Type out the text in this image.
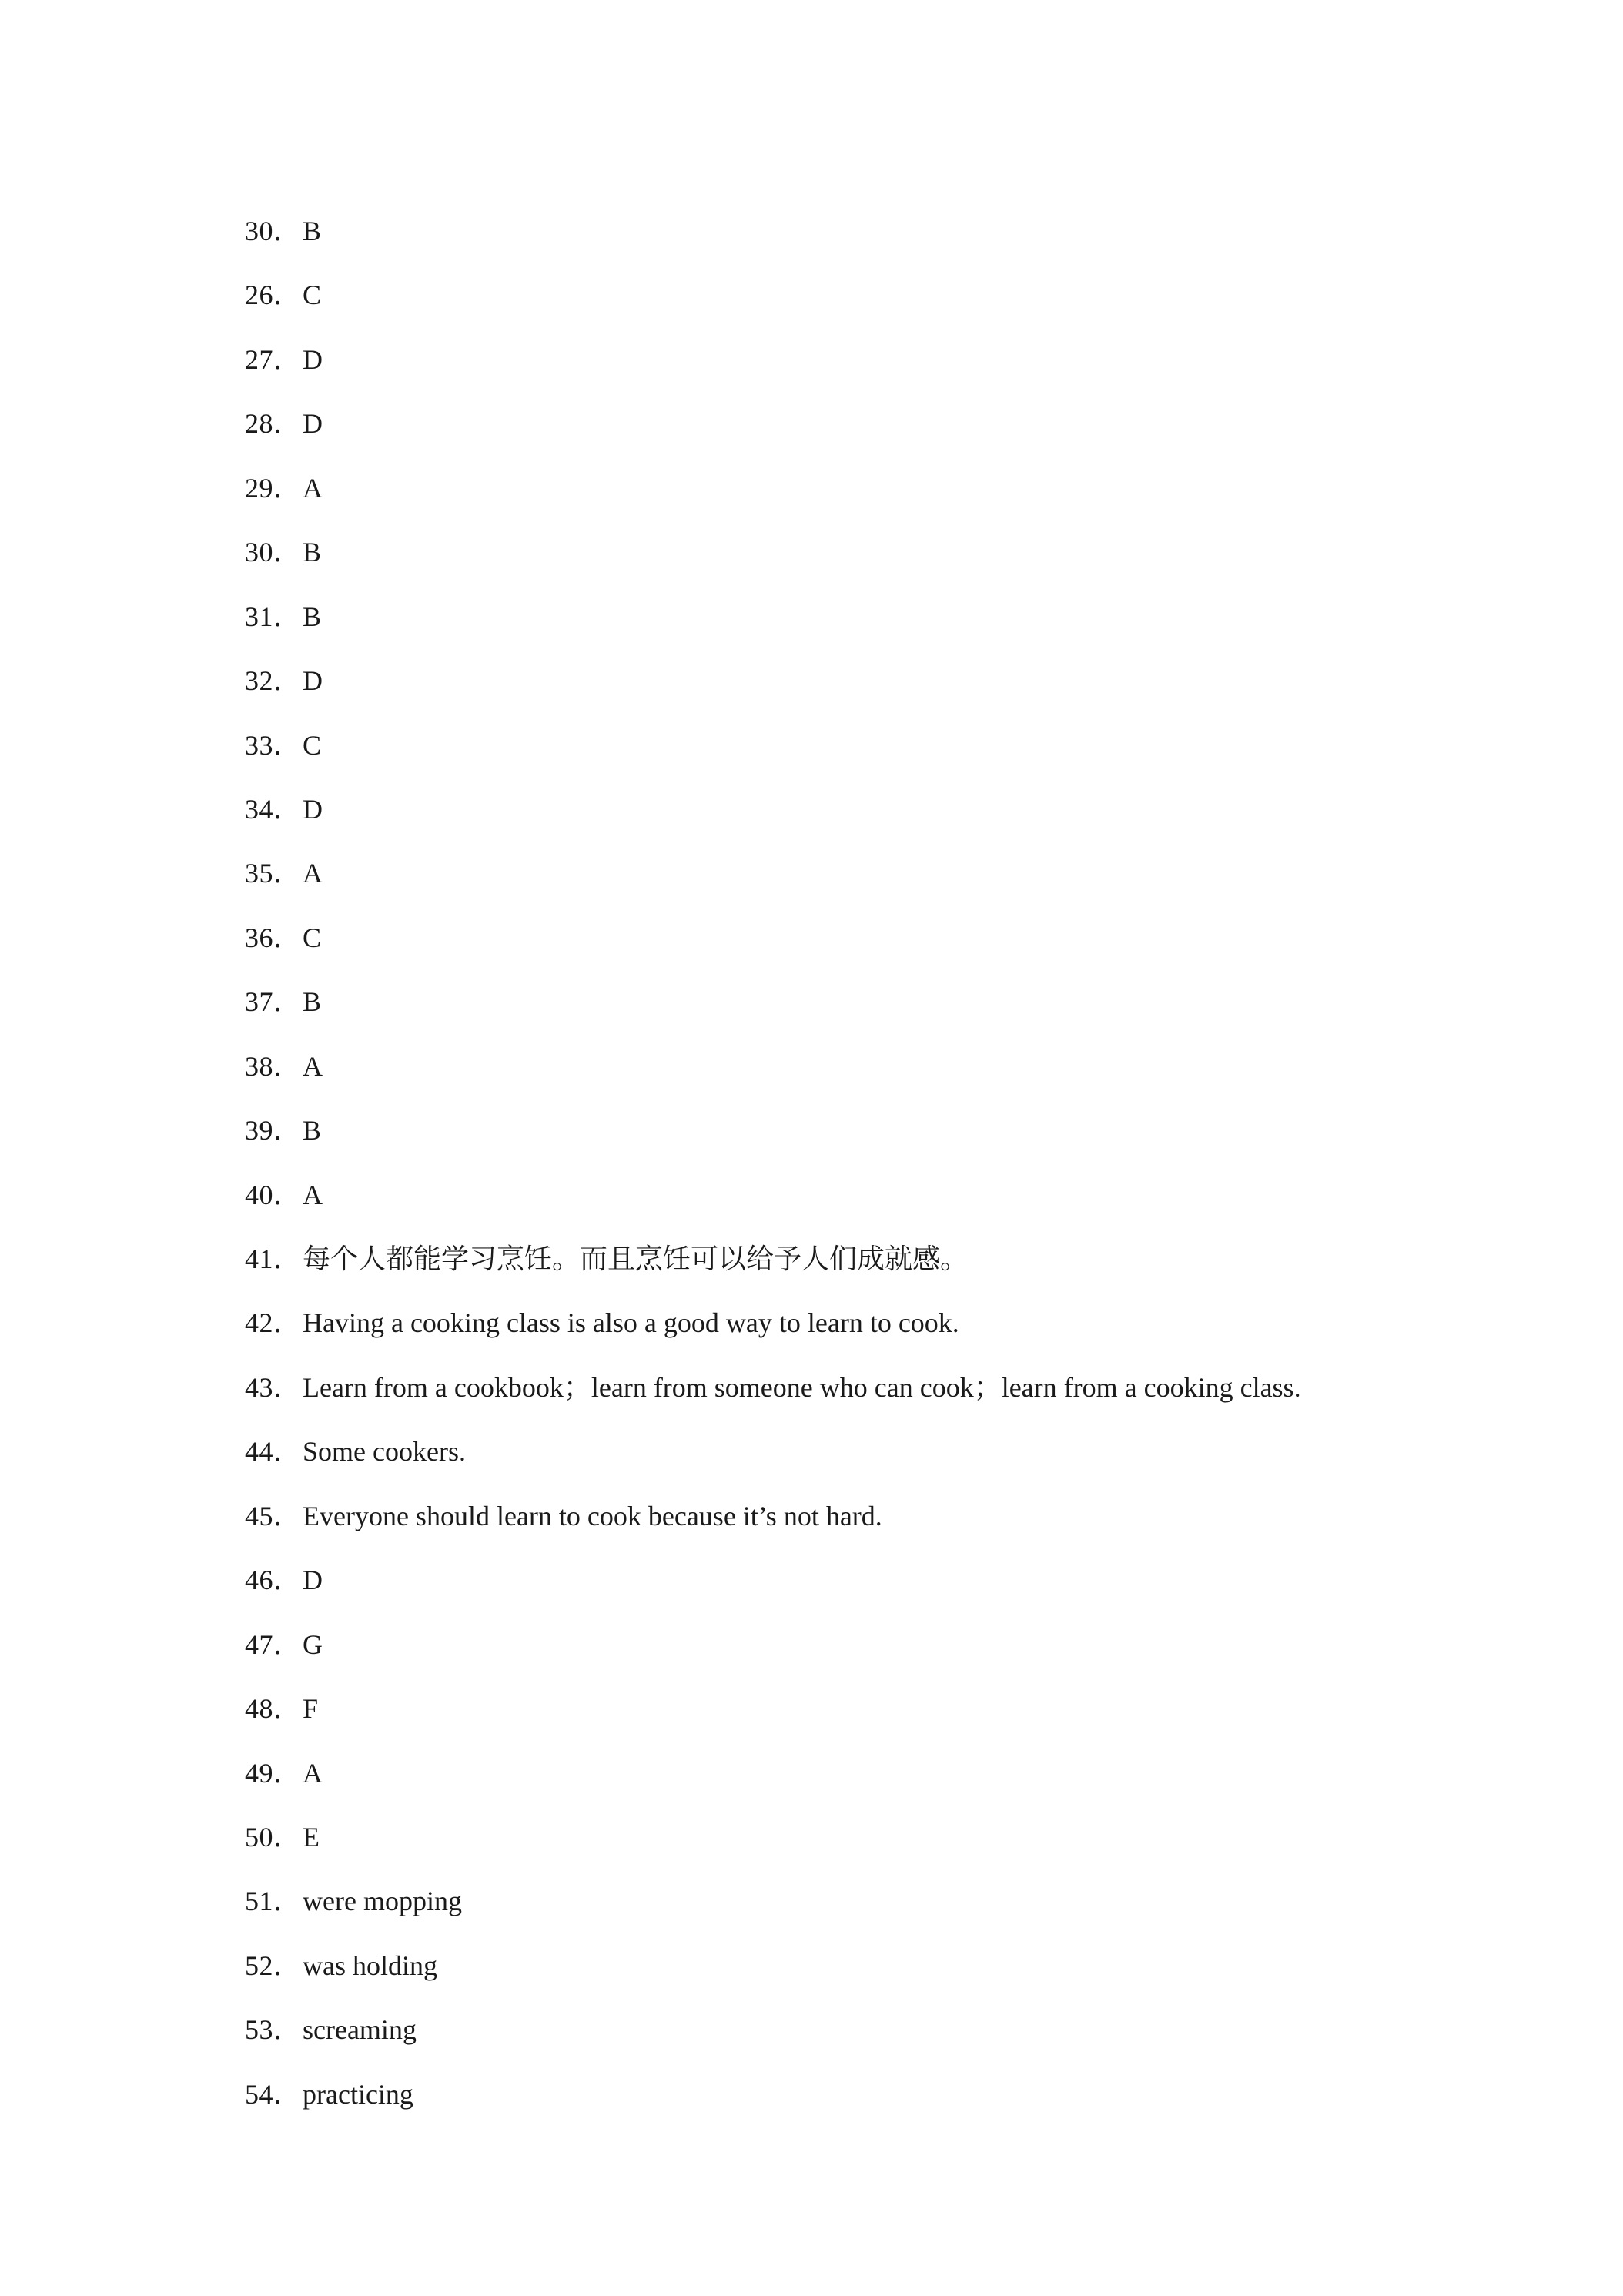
30． B
26． C
27． D
28． D
29． A
30． B
31． B
32． D
33． C
34． D
35． A
36． C
37． B
38． A
39． B
40． A
41． 每个人都能学习烹饪。而且烹饪可以给予人们成就感。
42． Having a cooking class is also a good way to learn to cook.
43． Learn from a cookbook；learn from someone who can cook；learn from a cooking class.
44． Some cookers.
45． Everyone should learn to cook because it’s not hard.
46． D
47． G
48． F
49． A
50． E
51． were mopping
52． was holding
53． screaming
54． practicing
